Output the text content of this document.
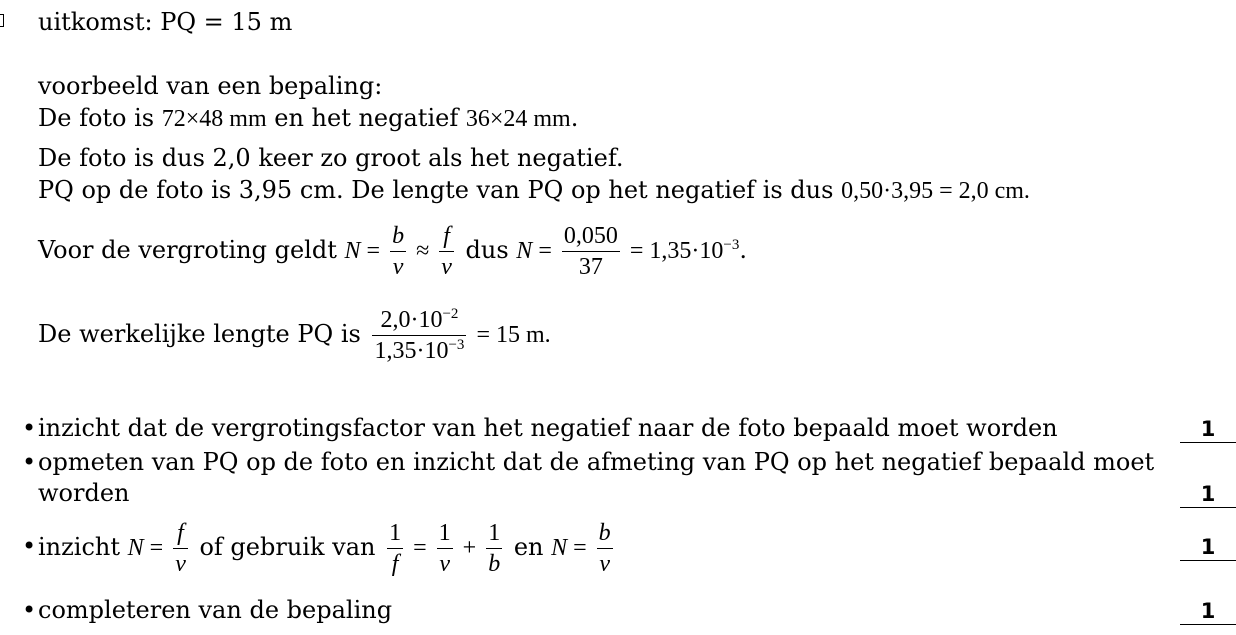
uitkomst: PQ = 15 m
voorbeeld van een bepaling:
De foto is 72×48 mm en het negatief 36×24 mm.
De foto is dus 2,0 keer zo groot als het negatief.
PQ op de foto is 3,95 cm. De lengte van PQ op het negatief is dus 0,50·3,95 = 2,0 cm.
Voor de vergroting geldt $N = \frac{b}{v} \approx \frac{f}{v}$ dus $N = \frac{0,050}{37} = 1,35\cdot 10^{-3}$.
De werkelijke lengte PQ is $\frac{2,0\cdot 10^{-2}}{1,35\cdot 10^{-3}} = 15$ m.
• inzicht dat de vergrotingsfactor van het negatief naar de foto bepaald moet worden	1
• opmeten van PQ op de foto en inzicht dat de afmeting van PQ op het negatief bepaald moet
worden	1
• inzicht $N = \frac{f}{v}$ of gebruik van $\frac{1}{f} = \frac{1}{v} + \frac{1}{b}$ en $N = \frac{b}{v}$	1
• completeren van de bepaling	1
